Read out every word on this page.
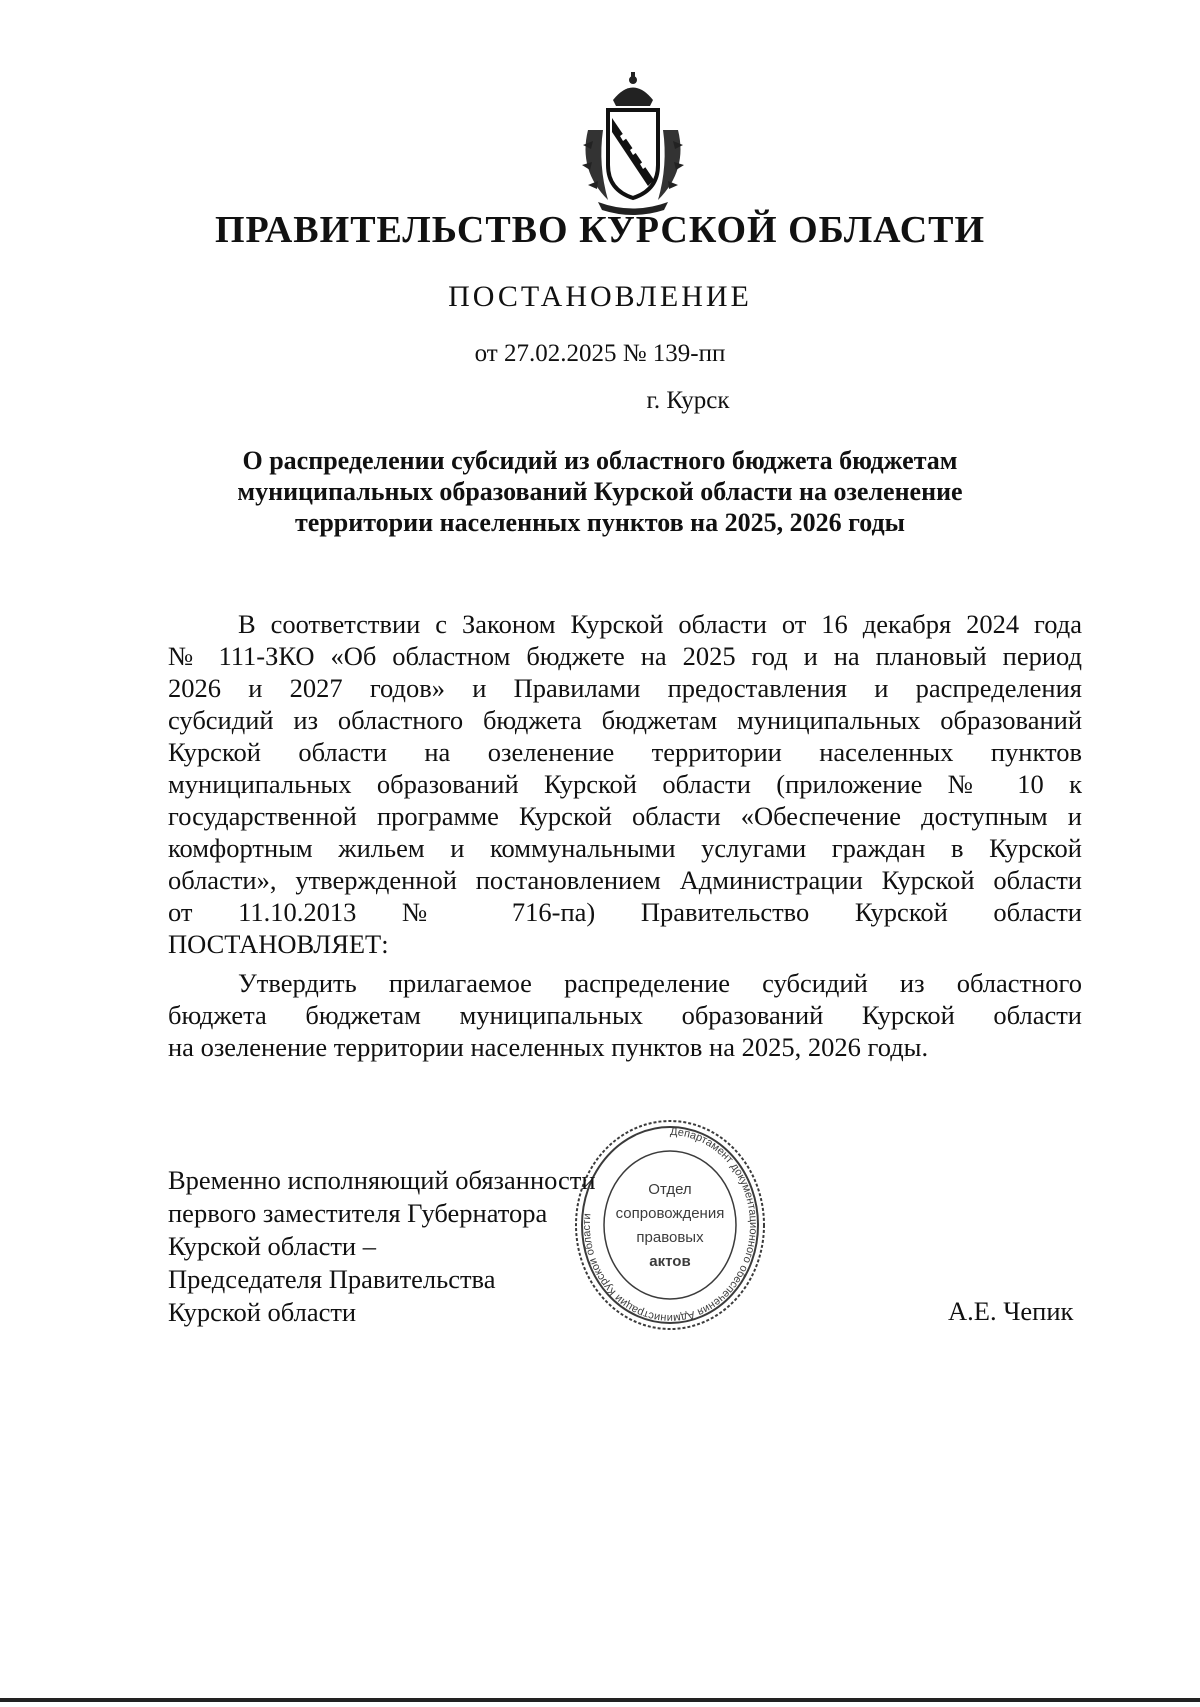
ПРАВИТЕЛЬСТВО КУРСКОЙ ОБЛАСТИ
ПОСТАНОВЛЕНИЕ
от 27.02.2025 № 139-пп
г. Курск
О распределении субсидий из областного бюджета бюджетам
муниципальных образований Курской области на озеленение
территории населенных пунктов на 2025, 2026 годы
В соответствии с Законом Курской области от 16 декабря 2024 года
№ 111-ЗКО «Об областном бюджете на 2025 год и на плановый период
2026 и 2027 годов» и Правилами предоставления и распределения
субсидий из областного бюджета бюджетам муниципальных образований
Курской области на озеленение территории населенных пунктов
муниципальных образований Курской области (приложение № 10 к
государственной программе Курской области «Обеспечение доступным и
комфортным жильем и коммунальными услугами граждан в Курской
области», утвержденной постановлением Администрации Курской области
от 11.10.2013 № 716-па) Правительство Курской области
ПОСТАНОВЛЯЕТ:
Утвердить прилагаемое распределение субсидий из областного
бюджета бюджетам муниципальных образований Курской области
на озеленение территории населенных пунктов на 2025, 2026 годы.
Временно исполняющий обязанности
первого заместителя Губернатора
Курской области –
Председателя Правительства
Курской области	А.Е. Чепик
Департамент документационного обеспечения Администрации Курской области
Отдел
сопровождения
правовых
актов
